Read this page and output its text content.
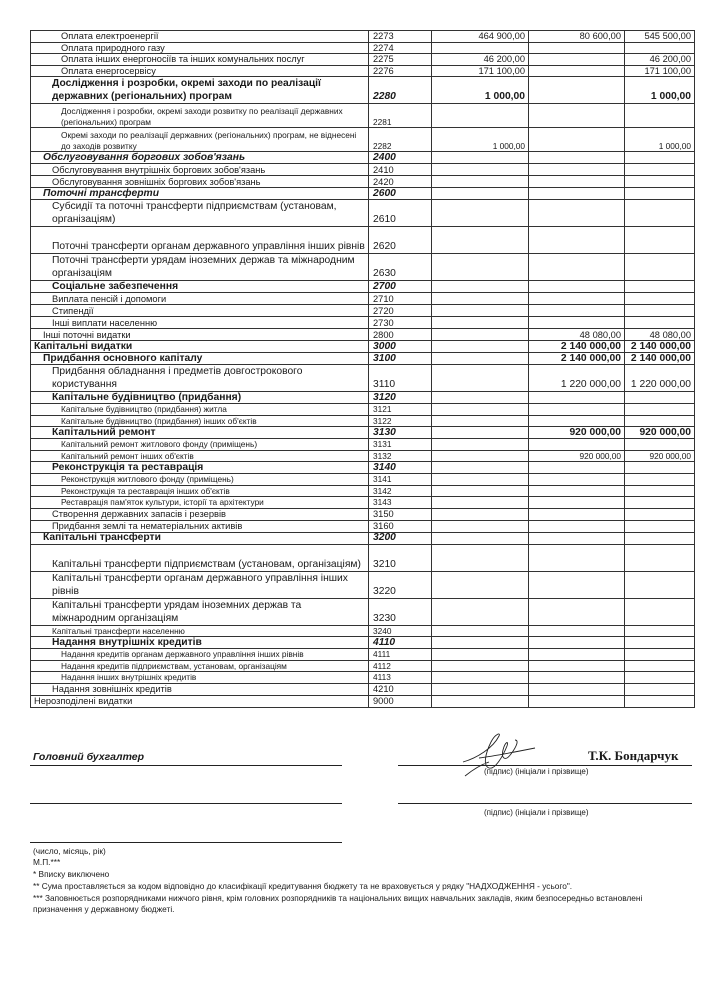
Оплата електроенергії	2273	464 900,00	80 600,00	545 500,00
Оплата природного газу	2274			
Оплата інших енергоносіїв та інших комунальних послуг	2275	46 200,00		46 200,00
Оплата енергосервісу	2276	171 100,00		171 100,00
Дослідження і розробки, окремі заходи по реалізації державних (регіональних) програм	2280	1 000,00		1 000,00
Дослідження і розробки, окремі заходи розвитку по реалізації державних (регіональних) програм	2281			
Окремі заходи по реалізації державних (регіональних) програм, не віднесені до заходів розвитку	2282	1 000,00		1 000,00
Обслуговування боргових зобов'язань	2400			
Обслуговування внутрішніх боргових зобов'язань	2410			
Обслуговування зовнішніх боргових зобов'язань	2420			
Поточні трансферти	2600			
Субсидії та поточні трансферти підприємствам (установам, організаціям)	2610			
Поточні трансферти органам державного управління інших рівнів	2620			
Поточні трансферти урядам іноземних держав та міжнародним організаціям	2630			
Соціальне забезпечення	2700			
Виплата пенсій і допомоги	2710			
Стипендії	2720			
Інші виплати населенню	2730			
Інші поточні видатки	2800		48 080,00	48 080,00
Капітальні видатки	3000		2 140 000,00	2 140 000,00
Придбання основного капіталу	3100		2 140 000,00	2 140 000,00
Придбання обладнання і предметів довгострокового користування	3110		1 220 000,00	1 220 000,00
Капітальне будівництво (придбання)	3120			
Капітальне будівництво (придбання) житла	3121			
Капітальне будівництво (придбання) інших об'єктів	3122			
Капітальний ремонт	3130		920 000,00	920 000,00
Капітальний ремонт житлового фонду (приміщень)	3131			
Капітальний ремонт інших об'єктів	3132		920 000,00	920 000,00
Реконструкція та реставрація	3140			
Реконструкція житлового фонду (приміщень)	3141			
Реконструкція та реставрація інших об'єктів	3142			
Реставрація пам'яток культури, історії та архітектури	3143			
Створення державних запасів і резервів	3150			
Придбання землі та нематеріальних активів	3160			
Капітальні трансферти	3200			
Капітальні трансферти підприємствам (установам, організаціям)	3210			
Капітальні трансферти органам державного управління інших рівнів	3220			
Капітальні трансферти урядам іноземних держав та міжнародним організаціям	3230			
Капітальні трансферти населенню	3240			
Надання внутрішніх кредитів	4110			
Надання кредитів органам державного управління інших рівнів	4111			
Надання кредитів підприємствам, установам, організаціям	4112			
Надання інших внутрішніх кредитів	4113			
Надання зовнішніх кредитів	4210			
Нерозподілені видатки	9000			
Головний бухгалтер	Т.К. Бондарчук
(підпис) (ініціали і прізвище)
(підпис) (ініціали і прізвище)
(число, місяць, рік)
М.П.***
* Вписку виключено
** Сума проставляється за кодом відповідно до класифікації кредитування бюджету та не враховується у рядку "НАДХОДЖЕННЯ - усього".
*** Заповнюється розпорядниками нижчого рівня, крім головних розпорядників та національних вищих навчальних закладів, яким безпосередньо встановлені призначення у державному бюджеті.
